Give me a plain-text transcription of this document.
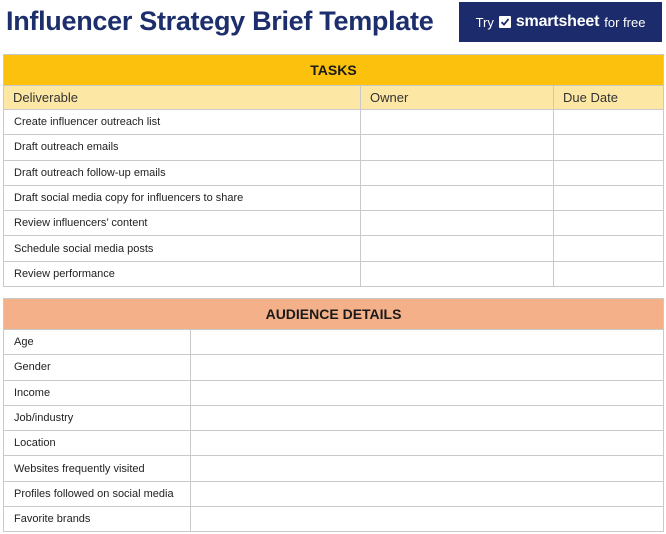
Influencer Strategy Brief Template	Try smartsheet for free
TASKS		
Deliverable	Owner	Due Date
Create influencer outreach list		
Draft outreach emails		
Draft outreach follow-up emails		
Draft social media copy for influencers to share		
Review influencers’ content		
Schedule social media posts		
Review performance		
AUDIENCE DETAILS	
Age	
Gender	
Income	
Job/industry	
Location	
Websites frequently visited	
Profiles followed on social media	
Favorite brands	
